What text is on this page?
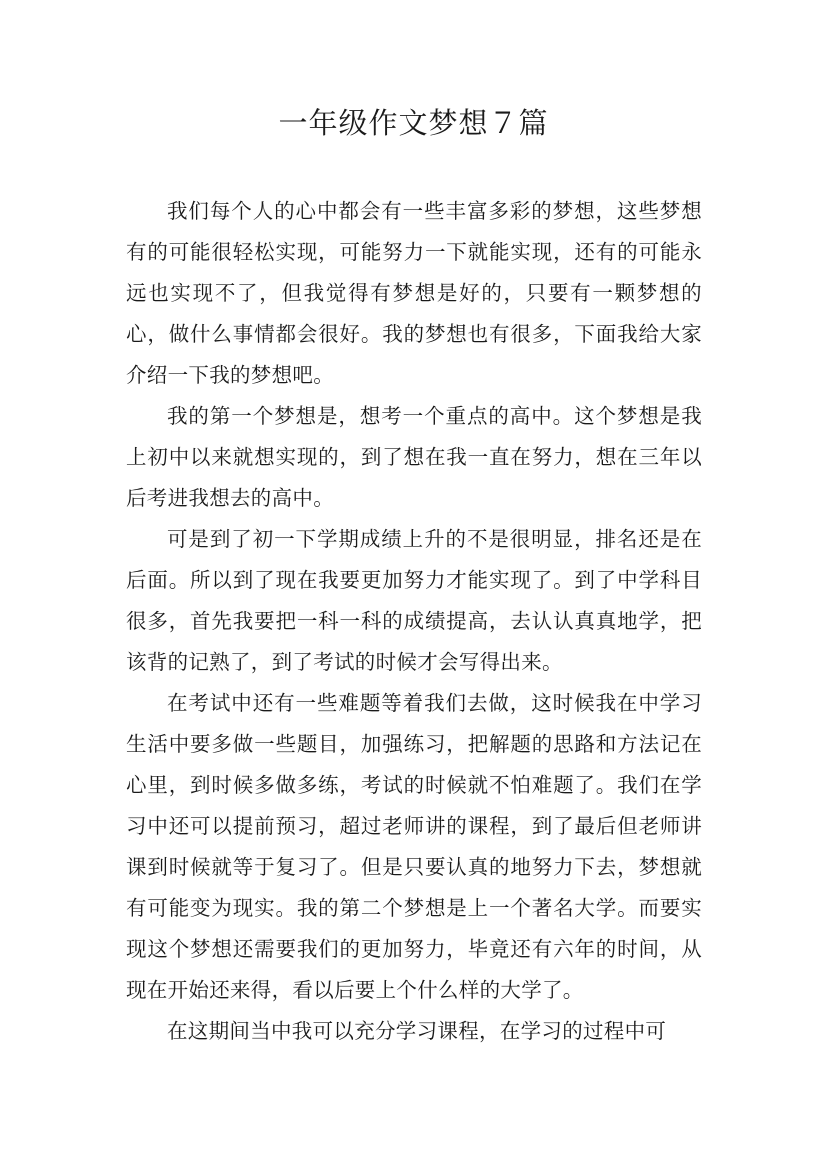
一年级作文梦想７篇

我们每个人的心中都会有一些丰富多彩的梦想，这些梦想有的可能很轻松实现，可能努力一下就能实现，还有的可能永远也实现不了，但我觉得有梦想是好的，只要有一颗梦想的心，做什么事情都会很好。我的梦想也有很多，下面我给大家介绍一下我的梦想吧。

我的第一个梦想是，想考一个重点的高中。这个梦想是我上初中以来就想实现的，到了想在我一直在努力，想在三年以后考进我想去的高中。

可是到了初一下学期成绩上升的不是很明显，排名还是在后面。所以到了现在我要更加努力才能实现了。到了中学科目很多，首先我要把一科一科的成绩提高，去认认真真地学，把该背的记熟了，到了考试的时候才会写得出来。

在考试中还有一些难题等着我们去做，这时候我在中学习生活中要多做一些题目，加强练习，把解题的思路和方法记在心里，到时候多做多练，考试的时候就不怕难题了。我们在学习中还可以提前预习，超过老师讲的课程，到了最后但老师讲课到时候就等于复习了。但是只要认真的地努力下去，梦想就有可能变为现实。我的第二个梦想是上一个著名大学。而要实现这个梦想还需要我们的更加努力，毕竟还有六年的时间，从现在开始还来得，看以后要上个什么样的大学了。

在这期间当中我可以充分学习课程，在学习的过程中可
